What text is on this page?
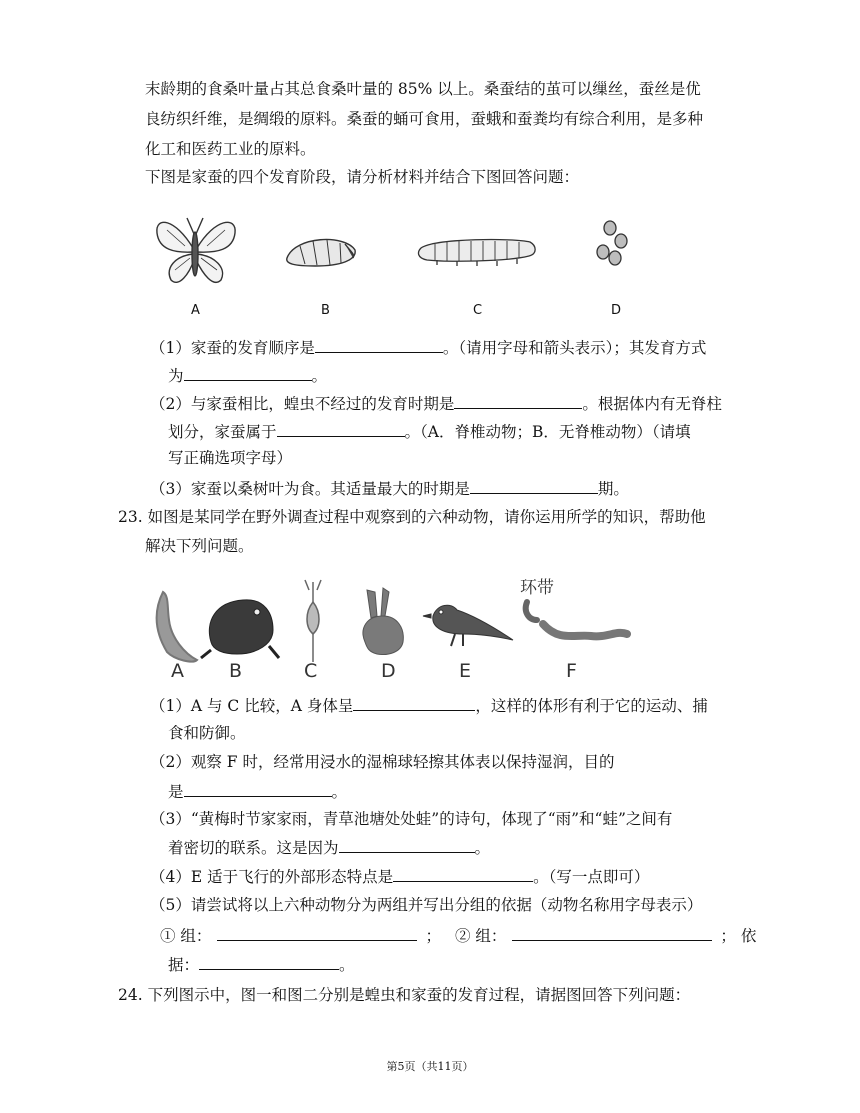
末龄期的食桑叶量占其总食桑叶量的 85% 以上。桑蚕结的茧可以缫丝，蚕丝是优
良纺织纤维，是绸缎的原料。桑蚕的蛹可食用，蚕蛾和蚕粪均有综合利用，是多种
化工和医药工业的原料。
下图是家蚕的四个发育阶段，请分析材料并结合下图回答问题：
A	B	C	D
（1）家蚕的发育顺序是	。（请用字母和箭头表示）；其发育方式
为	。
（2）与家蚕相比，蝗虫不经过的发育时期是	。根据体内有无脊柱
划分，家蚕属于	。（A．脊椎动物；B．无脊椎动物）（请填
写正确选项字母）
（3）家蚕以桑树叶为食。其适量最大的时期是	期。
23. 如图是某同学在野外调查过程中观察到的六种动物，请你运用所学的知识，帮助他
解决下列问题。
环带
A B	C	D	E	F
（1）A 与 C 比较，A 身体呈	，这样的体形有利于它的运动、捕
食和防御。
（2）观察 F 时，经常用浸水的湿棉球轻擦其体表以保持湿润，目的
是	。
（3）“黄梅时节家家雨，青草池塘处处蛙”的诗句，体现了“雨”和“蛙”之间有
着密切的联系。这是因为	。
（4）E 适于飞行的外部形态特点是	。（写一点即可）
（5）请尝试将以上六种动物分为两组并写出分组的依据（动物名称用字母表示）
① 组：	； ② 组：	； 依
据：	。
24. 下列图示中，图一和图二分别是蝗虫和家蚕的发育过程，请据图回答下列问题：
第5页（共11页）
